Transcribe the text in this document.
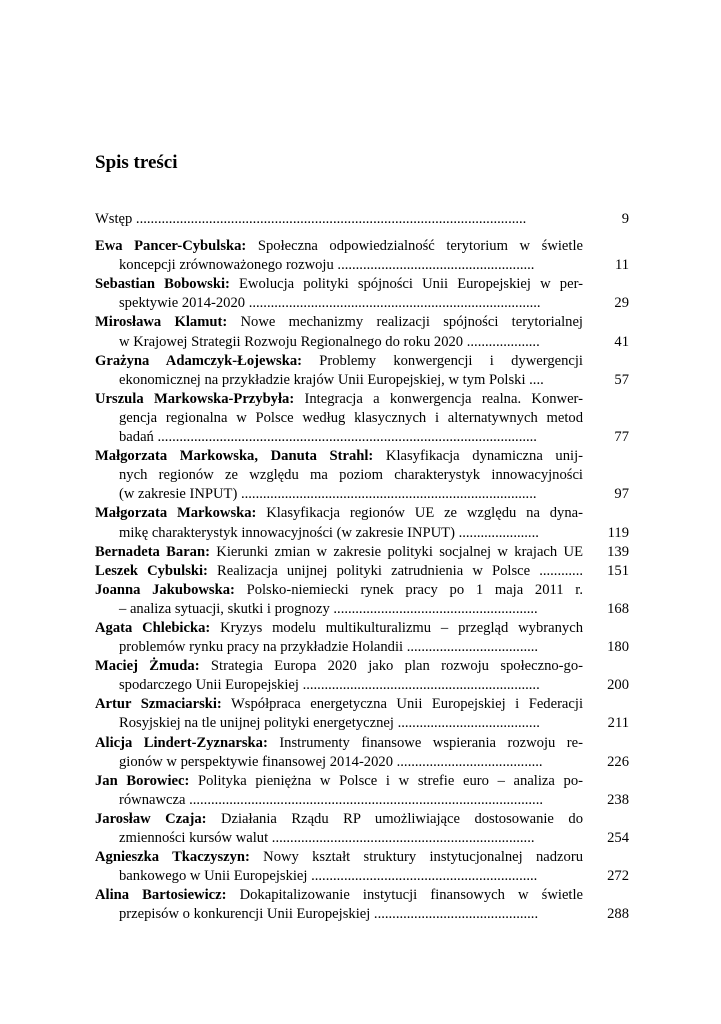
Spis treści
Wstęp ...........................................................................................................	9
Ewa Pancer-Cybulska: Społeczna odpowiedzialność terytorium w świetle
koncepcji zrównoważonego rozwoju ......................................................	11
Sebastian Bobowski: Ewolucja polityki spójności Unii Europejskiej w per-
spektywie 2014-2020 ................................................................................	29
Mirosława Klamut: Nowe mechanizmy realizacji spójności terytorialnej
w Krajowej Strategii Rozwoju Regionalnego do roku 2020 ....................	41
Grażyna Adamczyk-Łojewska: Problemy konwergencji i dywergencji
ekonomicznej na przykładzie krajów Unii Europejskiej, w tym Polski ....	57
Urszula Markowska-Przybyła: Integracja a konwergencja realna. Konwer-
gencja regionalna w Polsce według klasycznych i alternatywnych metod
badań ........................................................................................................	77
Małgorzata Markowska, Danuta Strahl: Klasyfikacja dynamiczna unij-
nych regionów ze względu ma poziom charakterystyk innowacyjności
(w zakresie INPUT) .................................................................................	97
Małgorzata Markowska: Klasyfikacja regionów UE ze względu na dyna-
mikę charakterystyk innowacyjności (w zakresie INPUT) ......................	119
Bernadeta Baran: Kierunki zmian w zakresie polityki socjalnej w krajach UE	139
Leszek Cybulski: Realizacja unijnej polityki zatrudnienia w Polsce ............	151
Joanna Jakubowska: Polsko-niemiecki rynek pracy po 1 maja 2011 r.
– analiza sytuacji, skutki i prognozy ........................................................	168
Agata Chlebicka: Kryzys modelu multikulturalizmu – przegląd wybranych
problemów rynku pracy na przykładzie Holandii ....................................	180
Maciej Żmuda: Strategia Europa 2020 jako plan rozwoju społeczno-go-
spodarczego Unii Europejskiej .................................................................	200
Artur Szmaciarski: Współpraca energetyczna Unii Europejskiej i Federacji
Rosyjskiej na tle unijnej polityki energetycznej .......................................	211
Alicja Lindert-Zyznarska: Instrumenty finansowe wspierania rozwoju re-
gionów w perspektywie finansowej 2014-2020 ........................................	226
Jan Borowiec: Polityka pieniężna w Polsce i w strefie euro – analiza po-
równawcza .................................................................................................	238
Jarosław Czaja: Działania Rządu RP umożliwiające dostosowanie do
zmienności kursów walut ........................................................................	254
Agnieszka Tkaczyszyn: Nowy kształt struktury instytucjonalnej nadzoru
bankowego w Unii Europejskiej ..............................................................	272
Alina Bartosiewicz: Dokapitalizowanie instytucji finansowych w świetle
przepisów o konkurencji Unii Europejskiej .............................................	288
